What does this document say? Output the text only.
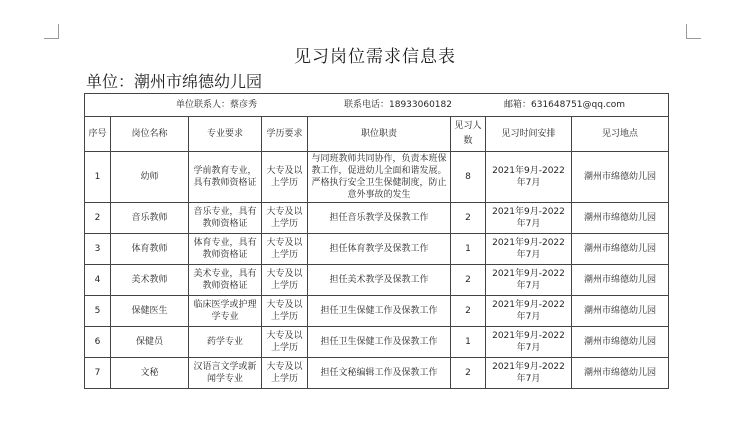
见习岗位需求信息表
单位：潮州市绵德幼儿园
单位联系人：蔡彦秀 联系电话：18933060182 邮箱：631648751@qq.com							
序号	岗位名称	专业要求	学历要求	职位职责	见习人数	见习时间安排	见习地点
1	幼师	学前教育专业，具有教师资格证	大专及以上学历	与同班教师共同协作，负责本班保教工作，促进幼儿全面和谐发展。严格执行安全卫生保健制度，防止意外事故的发生	8	2021年9月-2022年7月	潮州市绵德幼儿园
2	音乐教师	音乐专业，具有教师资格证	大专及以上学历	担任音乐教学及保教工作	2	2021年9月-2022年7月	潮州市绵德幼儿园
3	体育教师	体育专业，具有教师资格证	大专及以上学历	担任体育教学及保教工作	1	2021年9月-2022年7月	潮州市绵德幼儿园
4	美术教师	美术专业，具有教师资格证	大专及以上学历	担任美术教学及保教工作	2	2021年9月-2022年7月	潮州市绵德幼儿园
5	保健医生	临床医学或护理学专业	大专及以上学历	担任卫生保健工作及保教工作	2	2021年9月-2022年7月	潮州市绵德幼儿园
6	保健员	药学专业	大专及以上学历	担任卫生保健工作及保教工作	1	2021年9月-2022年7月	潮州市绵德幼儿园
7	文秘	汉语言文学或新闻学专业	大专及以上学历	担任文秘编辑工作及保教工作	2	2021年9月-2022年7月	潮州市绵德幼儿园
